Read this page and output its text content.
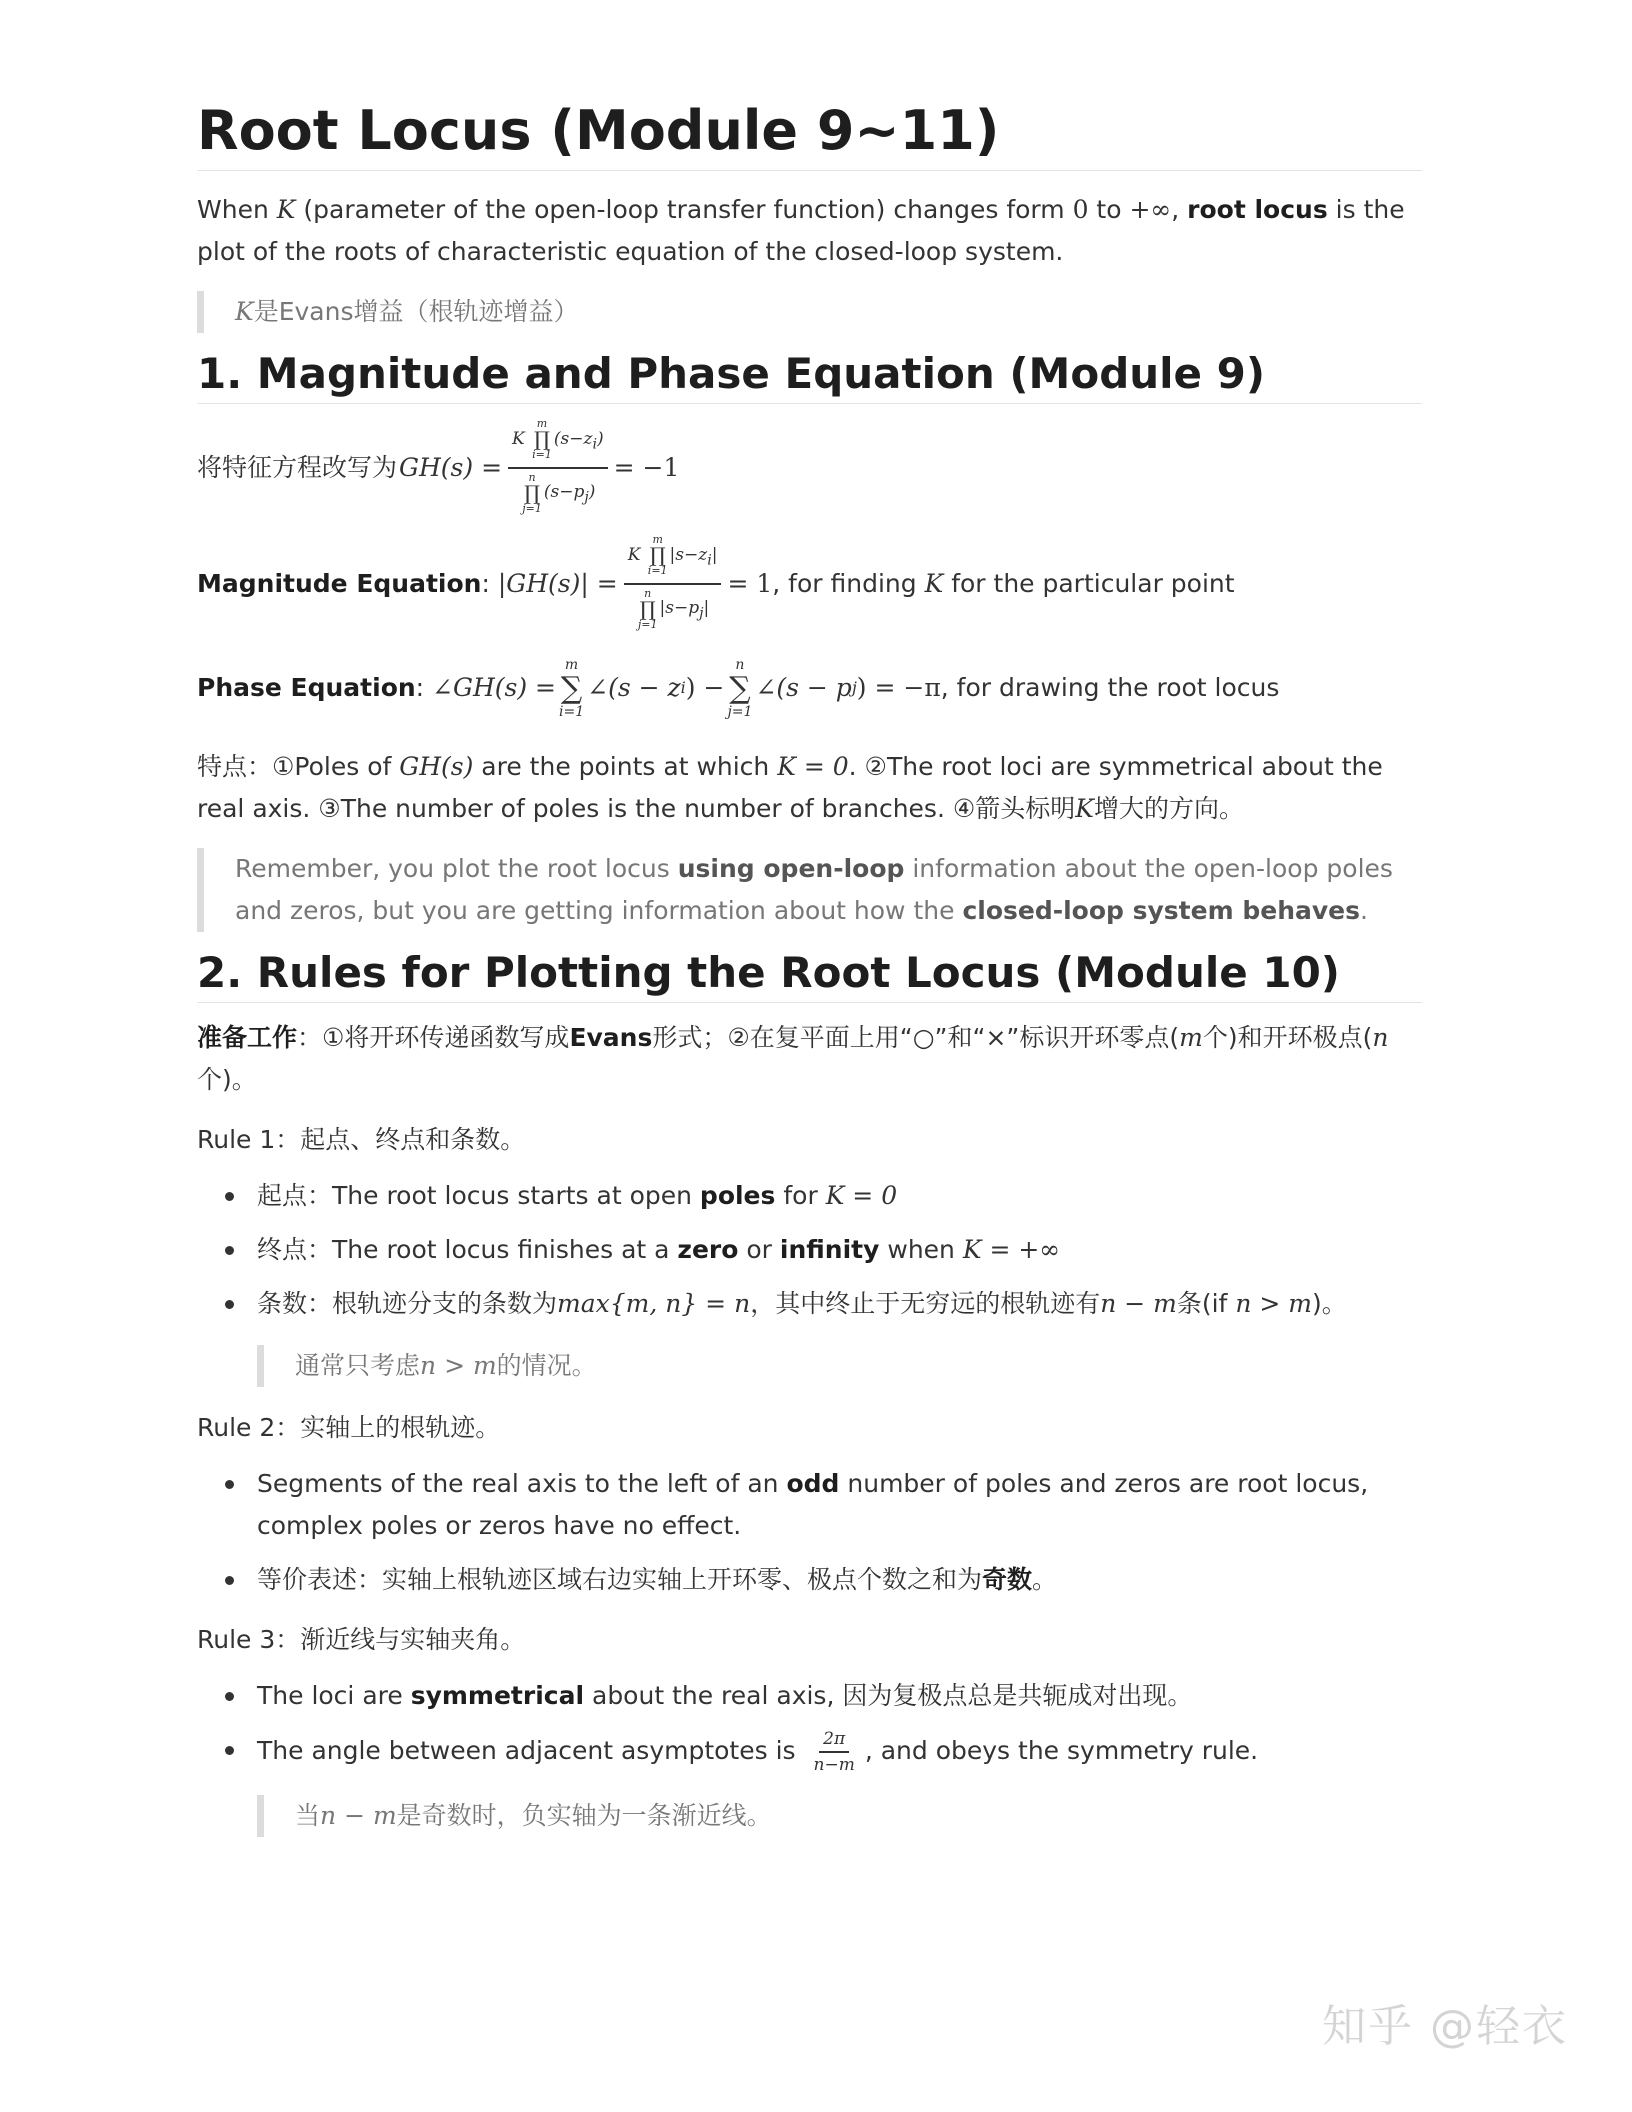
Root Locus (Module 9~11)

When K (parameter of the open-loop transfer function) changes form 0 to +∞, root locus is the plot of the roots of characteristic equation of the closed-loop system.

K是Evans增益（根轨迹增益）
1. Magnitude and Phase Equation (Module 9)

将特征方程改写为 GH(s) = K
m
∏
i=1
$(s-z_i)$
n
∏
j=1
$(s-p_j) = -1$

Magnitude Equation : |GH(s)| = K
m
∏
i=1
$|s-z_i|$
n
∏
j=1
$|s-p_j| = 1$ , for finding K for the particular point

Phase Equation : ∠GH(s) =
m
∑
i=1
∠(s − z i ) −
n
∑
j=1
∠(s − p j ) = −π , for drawing the root locus

特点：①Poles of GH(s) are the points at which K = 0. ②The root loci are symmetrical about the real axis. ③The number of poles is the number of branches. ④箭头标明K增大的方向。

Remember, you plot the root locus using open-loop information about the open-loop poles and zeros, but you are getting information about how the closed-loop system behaves.
2. Rules for Plotting the Root Locus (Module 10)

准备工作：①将开环传递函数写成Evans形式；②在复平面上用“○”和“×”标识开环零点(m个)和开环极点(n个)。

Rule 1：起点、终点和条数。

起点：The root locus starts at open poles for K = 0
终点：The root locus finishes at a zero or infinity when K = +∞
条数：根轨迹分支的条数为max{m, n} = n，其中终止于无穷远的根轨迹有n − m条(if n > m)。
通常只考虑n > m的情况。

Rule 2：实轴上的根轨迹。

Segments of the real axis to the left of an odd number of poles and zeros are root locus, complex poles or zeros have no effect.
等价表述：实轴上根轨迹区域右边实轴上开环零、极点个数之和为奇数。

Rule 3：渐近线与实轴夹角。

The loci are symmetrical about the real axis, 因为复极点总是共轭成对出现。
The angle between adjacent asymptotes is $\frac{2\pi}{n-m}$ , and obeys the symmetry rule.
当n − m是奇数时，负实轴为一条渐近线。
知乎 @轻衣
